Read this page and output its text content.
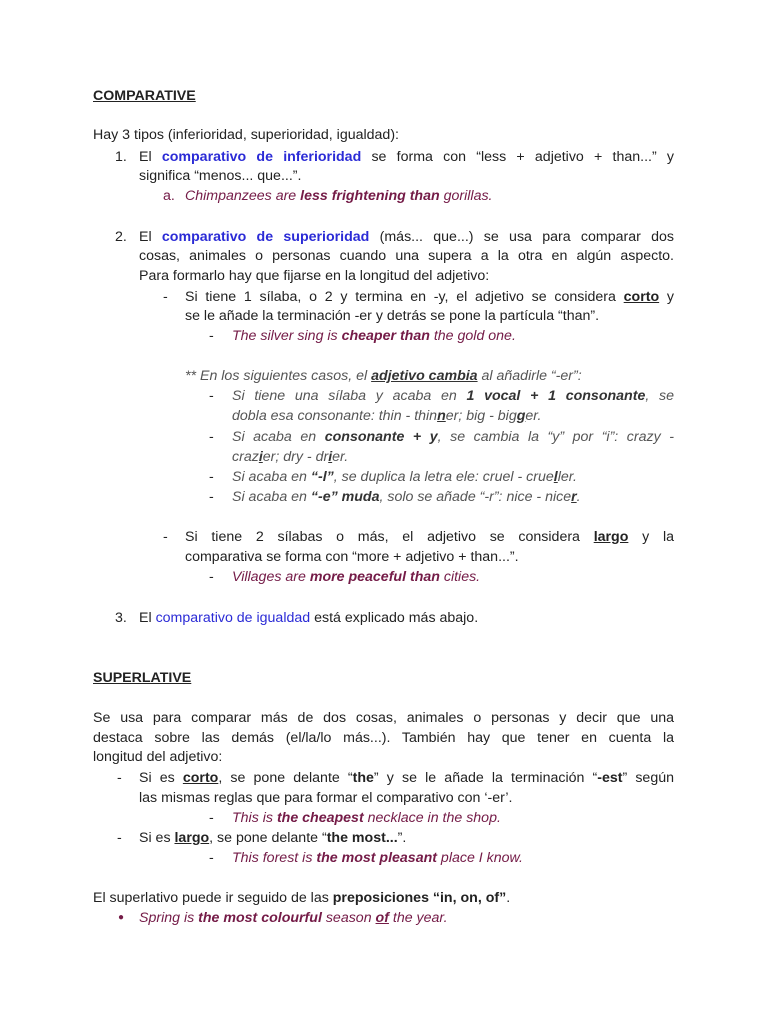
COMPARATIVE
Hay 3 tipos (inferioridad, superioridad, igualdad):
1. El comparativo de inferioridad se forma con “less + adjetivo + than...” y
significa “menos... que...”.
a. Chimpanzees are less frightening than gorillas.
2. El comparativo de superioridad (más... que...) se usa para comparar dos
cosas, animales o personas cuando una supera a la otra en algún aspecto.
Para formarlo hay que fijarse en la longitud del adjetivo:
- Si tiene 1 sílaba, o 2 y termina en -y, el adjetivo se considera corto y
se le añade la terminación -er y detrás se pone la partícula “than”.
- The silver sing is cheaper than the gold one.
** En los siguientes casos, el adjetivo cambia al añadirle “-er”:
- Si tiene una sílaba y acaba en 1 vocal + 1 consonante, se
dobla esa consonante: thin - thinner; big - bigger.
- Si acaba en consonante + y, se cambia la “y” por “i”: crazy -
crazier; dry - drier.
- Si acaba en “-l”, se duplica la letra ele: cruel - crueller.
- Si acaba en “-e” muda, solo se añade “-r”: nice - nicer.
- Si tiene 2 sílabas o más, el adjetivo se considera largo y la
comparativa se forma con “more + adjetivo + than...”.
- Villages are more peaceful than cities.
3. El comparativo de igualdad está explicado más abajo.
SUPERLATIVE
Se usa para comparar más de dos cosas, animales o personas y decir que una
destaca sobre las demás (el/la/lo más...). También hay que tener en cuenta la
longitud del adjetivo:
- Si es corto, se pone delante “the” y se le añade la terminación “-est” según
las mismas reglas que para formar el comparativo con ‘-er’.
- This is the cheapest necklace in the shop.
- Si es largo, se pone delante “the most...”.
- This forest is the most pleasant place I know.
El superlativo puede ir seguido de las preposiciones “in, on, of”.
● Spring is the most colourful season of the year.
